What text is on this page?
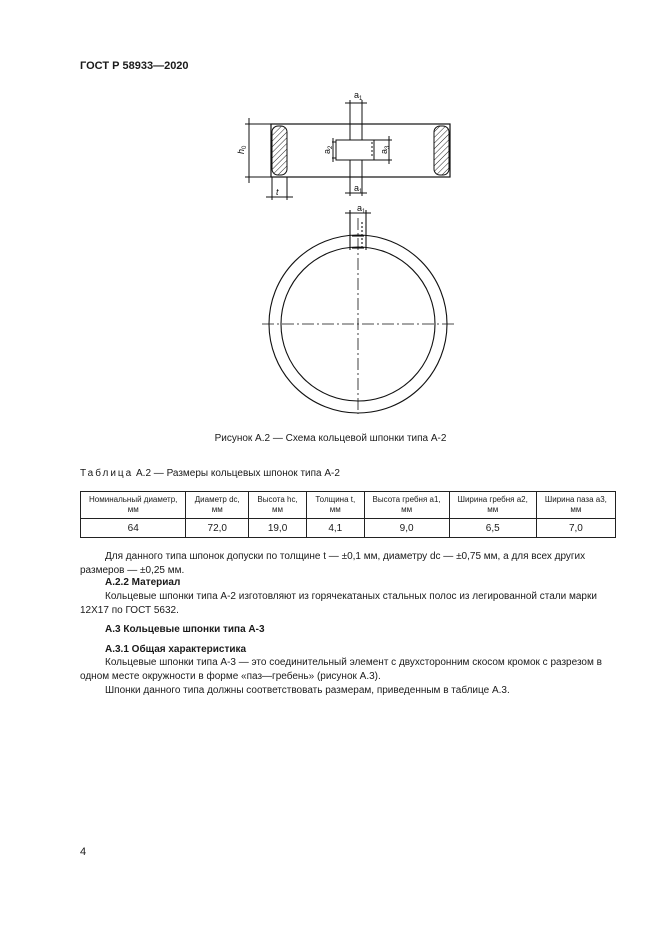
ГОСТ Р 58933—2020
$a_1$
$a_1$
$a_1$
t
$h_0$
$a_2$
$a_3$
Рисунок А.2 — Схема кольцевой шпонки типа А-2
Таблица А.2 — Размеры кольцевых шпонок типа А-2
Номинальный диаметр, мм	Диаметр dc, мм	Высота hc, мм	Толщина t, мм	Высота гребня a1, мм	Ширина гребня a2, мм	Ширина паза a3, мм
64	72,0	19,0	4,1	9,0	6,5	7,0
Для данного типа шпонок допуски по толщине t — ±0,1 мм, диаметру dc — ±0,75 мм, а для всех других размеров — ±0,25 мм.
А.2.2 Материал
Кольцевые шпонки типа А-2 изготовляют из горячекатаных стальных полос из легированной стали марки 12Х17 по ГОСТ 5632.
А.3 Кольцевые шпонки типа А-3
А.3.1 Общая характеристика
Кольцевые шпонки типа А-3 — это соединительный элемент с двухсторонним скосом кромок с разрезом в одном месте окружности в форме «паз—гребень» (рисунок А.3).
Шпонки данного типа должны соответствовать размерам, приведенным в таблице А.3.
4
